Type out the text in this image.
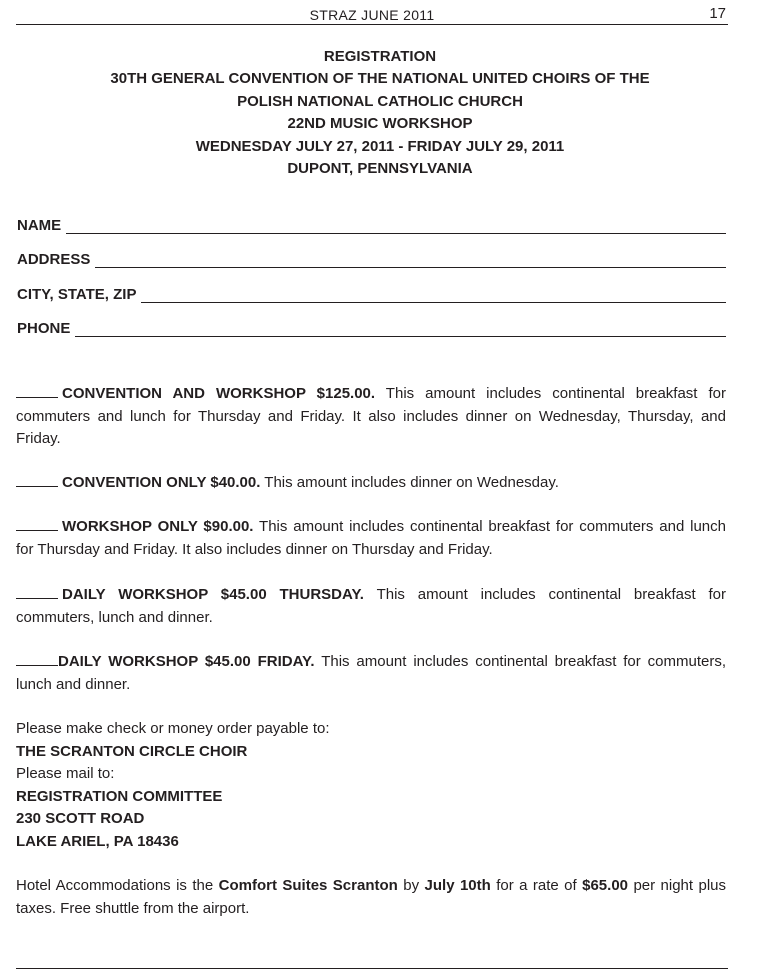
STRAZ JUNE 2011	17
REGISTRATION
30TH GENERAL CONVENTION OF THE NATIONAL UNITED CHOIRS OF THE
POLISH NATIONAL CATHOLIC CHURCH
22ND MUSIC WORKSHOP
WEDNESDAY JULY 27, 2011 - FRIDAY JULY 29, 2011
DUPONT, PENNSYLVANIA
NAME
ADDRESS
CITY, STATE, ZIP
PHONE
CONVENTION AND WORKSHOP $125.00. This amount includes continental breakfast for commuters and lunch for Thursday and Friday. It also includes dinner on Wednesday, Thursday, and Friday.
CONVENTION ONLY $40.00. This amount includes dinner on Wednesday.
WORKSHOP ONLY $90.00. This amount includes continental breakfast for commuters and lunch for Thursday and Friday. It also includes dinner on Thursday and Friday.
DAILY WORKSHOP $45.00 THURSDAY. This amount includes continental breakfast for commuters, lunch and dinner.
DAILY WORKSHOP $45.00 FRIDAY. This amount includes continental breakfast for commuters, lunch and dinner.
Please make check or money order payable to:
THE SCRANTON CIRCLE CHOIR
Please mail to:
REGISTRATION COMMITTEE
230 SCOTT ROAD
LAKE ARIEL, PA 18436
Hotel Accommodations is the Comfort Suites Scranton by July 10th for a rate of $65.00 per night plus taxes. Free shuttle from the airport.
